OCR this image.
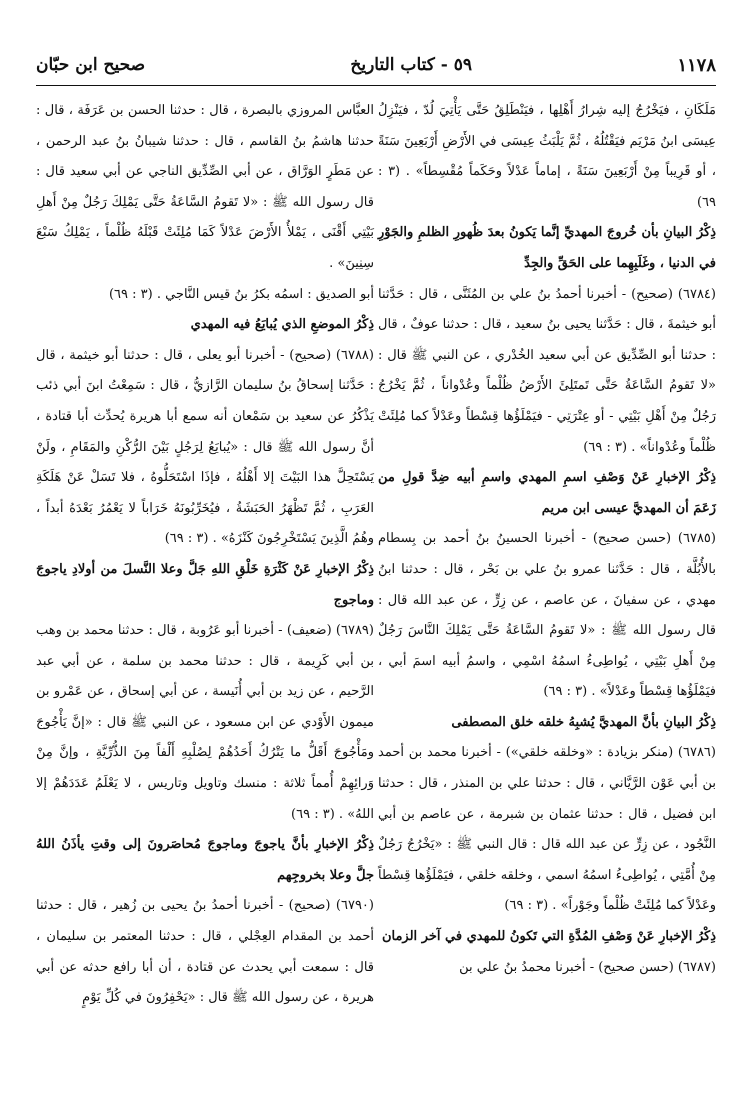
١١٧٨
٥٩ - كتاب التاريخ
صحيح ابن حبّان

مَلَكَانِ ، فيَخْرُجُ إليه شِرارُ أَهْلِها ، فيَنْطَلِقُ حَتَّى يَأْتِيَ لُدّ ، فيَنْزِلُ عِيسَى ابنُ مَرْيَم فيَقْتُلُهُ ، ثُمَّ يَلْبَثُ عِيسَى في الأَرْضِ أَرْبَعِينَ سَنَةً ، أو قَرِيباً مِنْ أَرْبَعِينَ سَنَةً ، إماماً عَدْلاً وحَكَماً مُقْسِطاً» . (٣ : ٦٩)

ذِكْرُ البيانِ بأن خُروجَ المهديِّ إنَّما يَكونُ بعدَ ظُهورِ الظلمِ والجَوْرِ في الدنيا ، وغَلَبِهِما على الحَقِّ والجِدِّ

(٦٧٨٤) (صحيح) - أخبرنا أحمدُ بنُ علي بن المُثَنَّى ، قال : حَدَّثنا أبو خيثمةَ ، قال : حَدَّثنا يحيى بنُ سعيد ، قال : حدثنا عوفٌ ، قال : حدثنا أبو الصِّدِّيق عن أبي سعيد الخُدْري ، عن النبي ﷺ قال : «لا تَقومُ السَّاعَةُ حَتَّى تَمتَلِئَ الأَرْضُ ظُلْماً وعُدْواناً ، ثُمَّ يَخْرُجُ رَجُلٌ مِنْ أَهْلِ بَيْتِي - أو عِتْرَتِي - فيَمْلَؤُها قِسْطاً وعَدْلاً كما مُلِئَتْ ظُلْماً وعُدْواناً» . (٣ : ٦٩)

ذِكْرُ الإخبارِ عَنْ وَصْفِ اسمِ المهدي واسمِ أبيه ضِدَّ قولِ من زَعَمَ أن المهديَّ عيسى ابن مريم

(٦٧٨٥) (حسن صحيح) - أخبرنا الحسينُ بنُ أحمد بن بِسطام بالأُبُلَّة ، قال : حَدَّثنا عمرو بنُ علي بن بَحْر ، قال : حدثنا ابنُ مهدي ، عن سفيانَ ، عن عاصم ، عن زِرٍّ ، عن عبد الله قال : قال رسول الله ﷺ : «لا تَقومُ السَّاعَةُ حَتَّى يَمْلِكَ النَّاسَ رَجُلٌ مِنْ أَهلِ بَيْتِي ، يُواطِىءُ اسمُهُ اسْمِي ، واسمُ أبيه اسمَ أبي ، فيَمْلَؤُها قِسْطاً وعَدْلاً» . (٣ : ٦٩)

ذِكْرُ البيانِ بأنَّ المهديَّ يُشبِهُ خلقه خلق المصطفى

(٦٧٨٦) (منكر بزيادة : «وخلقه خلقي») - أخبرنا محمد بن أحمد بن أبي عَوْن الرَّيَّاني ، قال : حدثنا علي بن المنذر ، قال : حدثنا ابن فضيل ، قال : حدثنا عثمان بن شبرمة ، عن عاصم بن أبي النَّجُود ، عن زِرٍّ عن عبد الله قال : قال النبي ﷺ : «يَخْرُجُ رَجُلٌ مِنْ أُمَّتِي ، يُواطِىءُ اسمُهُ اسمي ، وخلقه خلقي ، فيَمْلَؤُها قِسْطاً وعَدْلاً كما مُلِئَتْ ظُلْماً وجَوْراً» . (٣ : ٦٩)

ذِكْرُ الإخبارِ عَنْ وَصْفِ المُدَّةِ التي تَكونُ للمهدي في آخر الزمان

(٦٧٨٧) (حسن صحيح) - أخبرنا محمدُ بنُ علي بن

العبَّاس المروزي بالبصرة ، قال : حدثنا الحسن بن عَرَفَة ، قال : حدثنا هاشمُ بنُ القاسم ، قال : حدثنا شيبانُ بنُ عبد الرحمن ، عن مَطَرٍ الوَرَّاق ، عن أبي الصِّدِّيق الناجي عن أبي سعيد قال : قال رسول الله ﷺ : «لا تَقومُ السَّاعَةُ حَتَّى يَمْلِكَ رَجُلٌ مِنْ أَهلِ بَيْتِي أَقْنَى ، يَمْلأُ الأَرْضَ عَدْلاً كَمَا مُلِئَتْ قَبْلَهُ ظُلْماً ، يَمْلِكُ سَبْعَ سِنِينَ» .

أبو الصديق : اسمُه بكرُ بنُ قيس النَّاجي . (٣ : ٦٩)

ذِكْرُ الموضعِ الذي يُبايَعُ فيه المهدي

(٦٧٨٨) (صحيح) - أخبرنا أبو يعلى ، قال : حدثنا أبو خيثمة ، قال : حَدَّثنا إسحاقُ بنُ سليمان الرَّازيُّ ، قال : سَمِعْتُ ابنَ أبي ذئب يَذْكُرُ عن سعيد بن سَمْعان أنه سمع أبا هريرة يُحدِّث أبا قتادة ، أنَّ رسول الله ﷺ قال : «يُبايَعُ لِرَجُلٍ بَيْنَ الرُّكْنِ والمَقَامِ ، ولَنْ يَسْتَحِلَّ هذا البَيْتَ إلا أَهْلُهُ ، فإذَا اسْتَحَلُّوهُ ، فلا تَسَلْ عَنْ هَلَكَةِ العَرَبِ ، ثُمَّ تَظْهَرُ الحَبَشَةُ ، فيُخَرِّبُونَهُ خَرَاباً لا يَعْمُرُ بَعْدَهُ أبداً ، وهُمُ الَّذِينَ يَسْتَخْرِجُونَ كَنْزَهُ» . (٣ : ٦٩)

ذِكْرُ الإخبارِ عَنْ كَثْرَةِ خَلْقِ اللهِ جَلَّ وعلا النَّسلَ من أولادِ ياجوجَ وماجوج

(٦٧٨٩) (ضعيف) - أخبرنا أبو عَرُوبة ، قال : حدثنا محمد بن وهب بن أبي كَرِيمة ، قال : حدثنا محمد بن سلمة ، عن أبي عبد الرَّحيم ، عن زيد بن أبي أُنَيسة ، عن أبي إسحاق ، عن عَمْرو بن ميمون الأَوْدي عن ابن مسعود ، عن النبي ﷺ قال : «إنَّ يَأْجُوجَ ومَأْجُوجَ أَقَلُّ ما يَتْرُكُ أَحَدُهُمْ لِصُلْبِهِ أَلْفاً مِنَ الذُّرِّيَّةِ ، وإنَّ مِنْ وَرائِهِمْ أُمماً ثلاثة : منسك وتاويل وتاريس ، لا يَعْلَمُ عَدَدَهُمْ إلا اللهُ» . (٣ : ٦٩)

ذِكْرُ الإخبارِ بأنَّ ياجوجَ وماجوجَ مُحاصَرونَ إلى وقتِ يأذَنُ اللهُ جلَّ وعلا بخروجِهم

(٦٧٩٠) (صحيح) - أخبرنا أحمدُ بنُ يحيى بن زُهير ، قال : حدثنا أحمد بن المقدام العِجْلي ، قال : حدثنا المعتمر بن سليمان ، قال : سمعت أبي يحدث عن قتادة ، أن أبا رافع حدثه عن أبي هريرة ، عن رسول الله ﷺ قال : «يَحْفِرُونَ في كُلِّ يَوْمٍ
